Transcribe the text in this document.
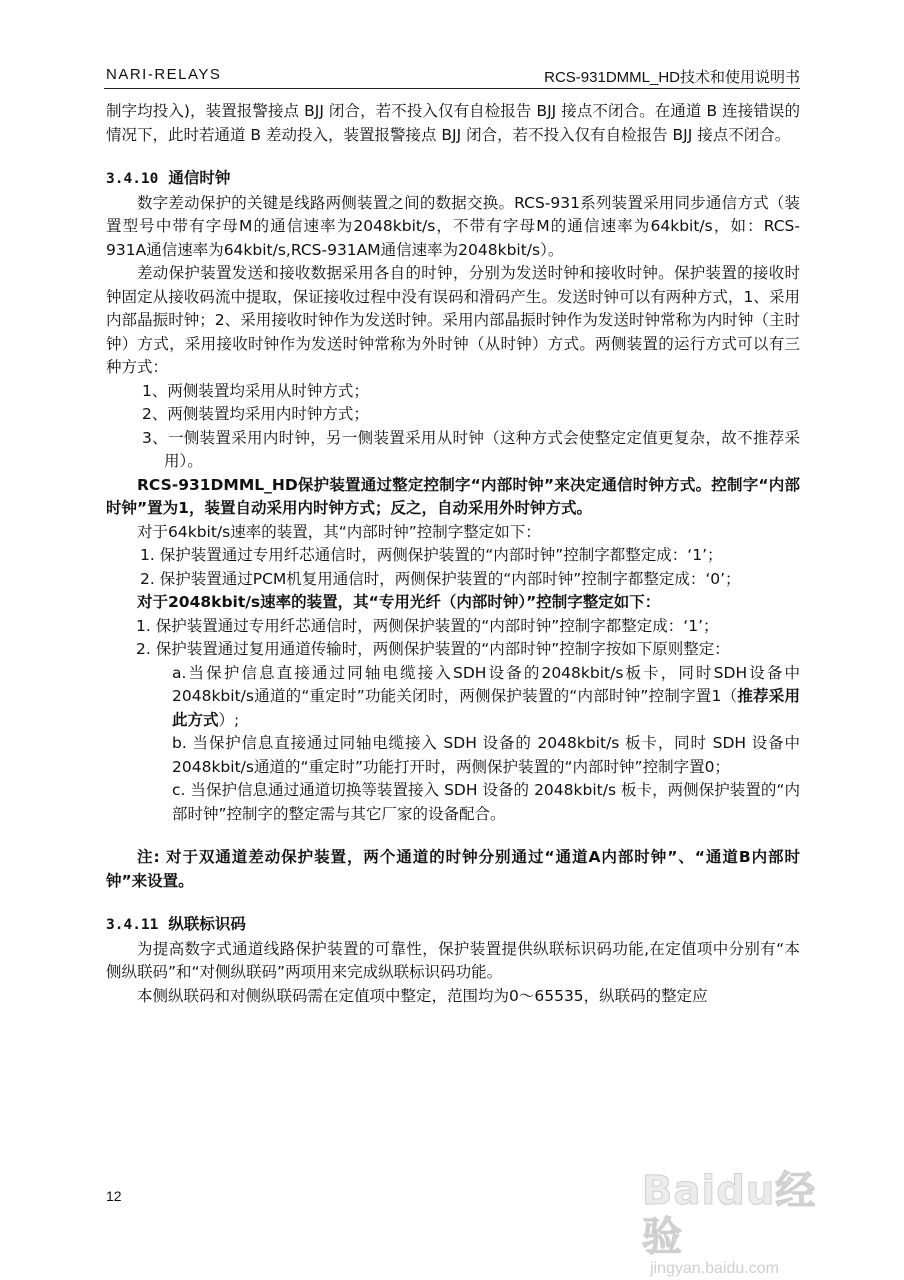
NARI-RELAYS	RCS-931DMML_HD技术和使用说明书

制字均投入)，装置报警接点 BJJ 闭合，若不投入仅有自检报告 BJJ 接点不闭合。在通道 B 连接错误的情况下，此时若通道 B 差动投入，装置报警接点 BJJ 闭合，若不投入仅有自检报告 BJJ 接点不闭合。

3.4.10 通信时钟

数字差动保护的关键是线路两侧装置之间的数据交换。RCS-931系列装置采用同步通信方式（装置型号中带有字母M的通信速率为2048kbit/s，不带有字母M的通信速率为64kbit/s，如：RCS-931A通信速率为64kbit/s,RCS-931AM通信速率为2048kbit/s）。

差动保护装置发送和接收数据采用各自的时钟，分别为发送时钟和接收时钟。保护装置的接收时钟固定从接收码流中提取，保证接收过程中没有误码和滑码产生。发送时钟可以有两种方式，1、采用内部晶振时钟；2、采用接收时钟作为发送时钟。采用内部晶振时钟作为发送时钟常称为内时钟（主时钟）方式，采用接收时钟作为发送时钟常称为外时钟（从时钟）方式。两侧装置的运行方式可以有三种方式：

1、两侧装置均采用从时钟方式；

2、两侧装置均采用内时钟方式；

3、一侧装置采用内时钟，另一侧装置采用从时钟（这种方式会使整定定值更复杂，故不推荐采用）。

RCS-931DMML_HD保护装置通过整定控制字“内部时钟”来决定通信时钟方式。控制字“内部时钟”置为1，装置自动采用内时钟方式；反之，自动采用外时钟方式。

对于64kbit/s速率的装置，其“内部时钟”控制字整定如下：

1. 保护装置通过专用纤芯通信时，两侧保护装置的“内部时钟”控制字都整定成：‘1’；

2. 保护装置通过PCM机复用通信时，两侧保护装置的“内部时钟”控制字都整定成：‘0’；

对于2048kbit/s速率的装置，其“专用光纤（内部时钟）”控制字整定如下：

1. 保护装置通过专用纤芯通信时，两侧保护装置的“内部时钟”控制字都整定成：‘1’；

2. 保护装置通过复用通道传输时，两侧保护装置的“内部时钟”控制字按如下原则整定：

a.当保护信息直接通过同轴电缆接入SDH设备的2048kbit/s板卡，同时SDH设备中2048kbit/s通道的“重定时”功能关闭时，两侧保护装置的“内部时钟”控制字置1（推荐采用此方式）;

b. 当保护信息直接通过同轴电缆接入 SDH 设备的 2048kbit/s 板卡，同时 SDH 设备中2048kbit/s通道的“重定时”功能打开时，两侧保护装置的“内部时钟”控制字置0；

c. 当保护信息通过通道切换等装置接入 SDH 设备的 2048kbit/s 板卡，两侧保护装置的“内部时钟”控制字的整定需与其它厂家的设备配合。

注: 对于双通道差动保护装置，两个通道的时钟分别通过“通道A内部时钟”、“通道B内部时钟”来设置。

3.4.11 纵联标识码

为提高数字式通道线路保护装置的可靠性，保护装置提供纵联标识码功能,在定值项中分别有“本侧纵联码”和“对侧纵联码”两项用来完成纵联标识码功能。

本侧纵联码和对侧纵联码需在定值项中整定，范围均为0～65535，纵联码的整定应

12	Baidu经验
jingyan.baidu.com
